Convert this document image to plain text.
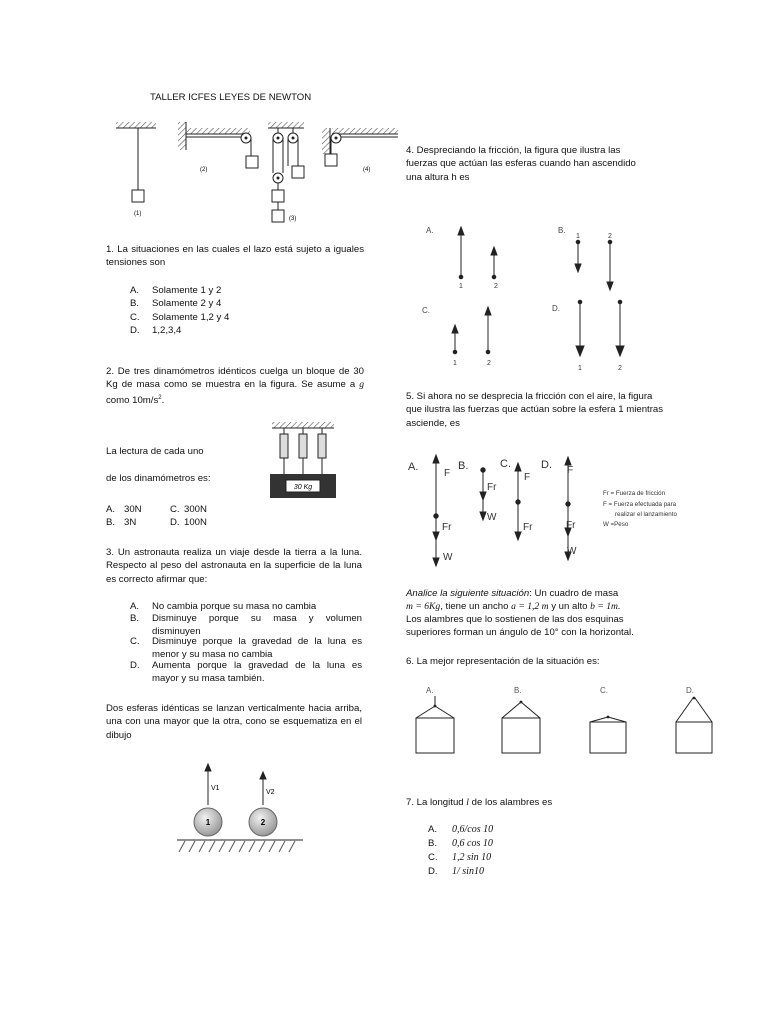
TALLER ICFES LEYES DE NEWTON
(1)
(2)
(3)
(4)
1. La situaciones en las cuales el lazo está sujeto a iguales tensiones son
A. Solamente 1 y 2
B. Solamente 2 y 4
C. Solamente 1,2 y 4
D. 1,2,3,4
2. De tres dinamómetros idénticos cuelga un bloque de 30 Kg de masa como se muestra en la figura. Se asume a g como $10m/s^2$.
La lectura de cada uno
de los dinamómetros es:
30 Kg
A. 30N	C. 300N
B. 3N	D. 100N
3. Un astronauta realiza un viaje desde la tierra a la luna. Respecto al peso del astronauta en la superficie de la luna es correcto afirmar que:
A. No cambia porque su masa no cambia
B.	Disminuye porque su masa y volumen disminuyen
C.	Disminuye porque la gravedad de la luna es menor y su masa no cambia
D.	Aumenta porque la gravedad de la luna es mayor y su masa también.
Dos esferas idénticas se lanzan verticalmente hacia arriba, una con una mayor que la otra, cono se esquematiza en el dibujo
V1
V2
1	2
4. Despreciando la fricción, la figura que ilustra las fuerzas que actúan las esferas cuando han ascendido una altura h es
A.	B.
C.	D.
1	2
1	2
1	2
1	2
5. Si ahora no se desprecia la fricción con el aire, la figura que ilustra las fuerzas que actúan sobre la esfera 1 mientras asciende, es
A.	B.	C.	D.
F
Fr
W
Fr
W
F
Fr
F
Fr
W
Fr = Fuerza de fricción
F = Fuerza efectuada para
realizar el lanzamiento
W =Peso
Analice la siguiente situación: Un cuadro de masa
m = 6Kg, tiene un ancho a = 1,2 m y un alto b = 1m.
Los alambres que lo sostienen de las dos esquinas
superiores forman un ángulo de 10° con la horizontal.
6. La mejor representación de la situación es:
A.	B.	C.	D.
7. La longitud l de los alambres es
A. 0,6/cos 10
B. 0,6 cos 10
C. 1,2 sin 10
D. 1/ sin10
